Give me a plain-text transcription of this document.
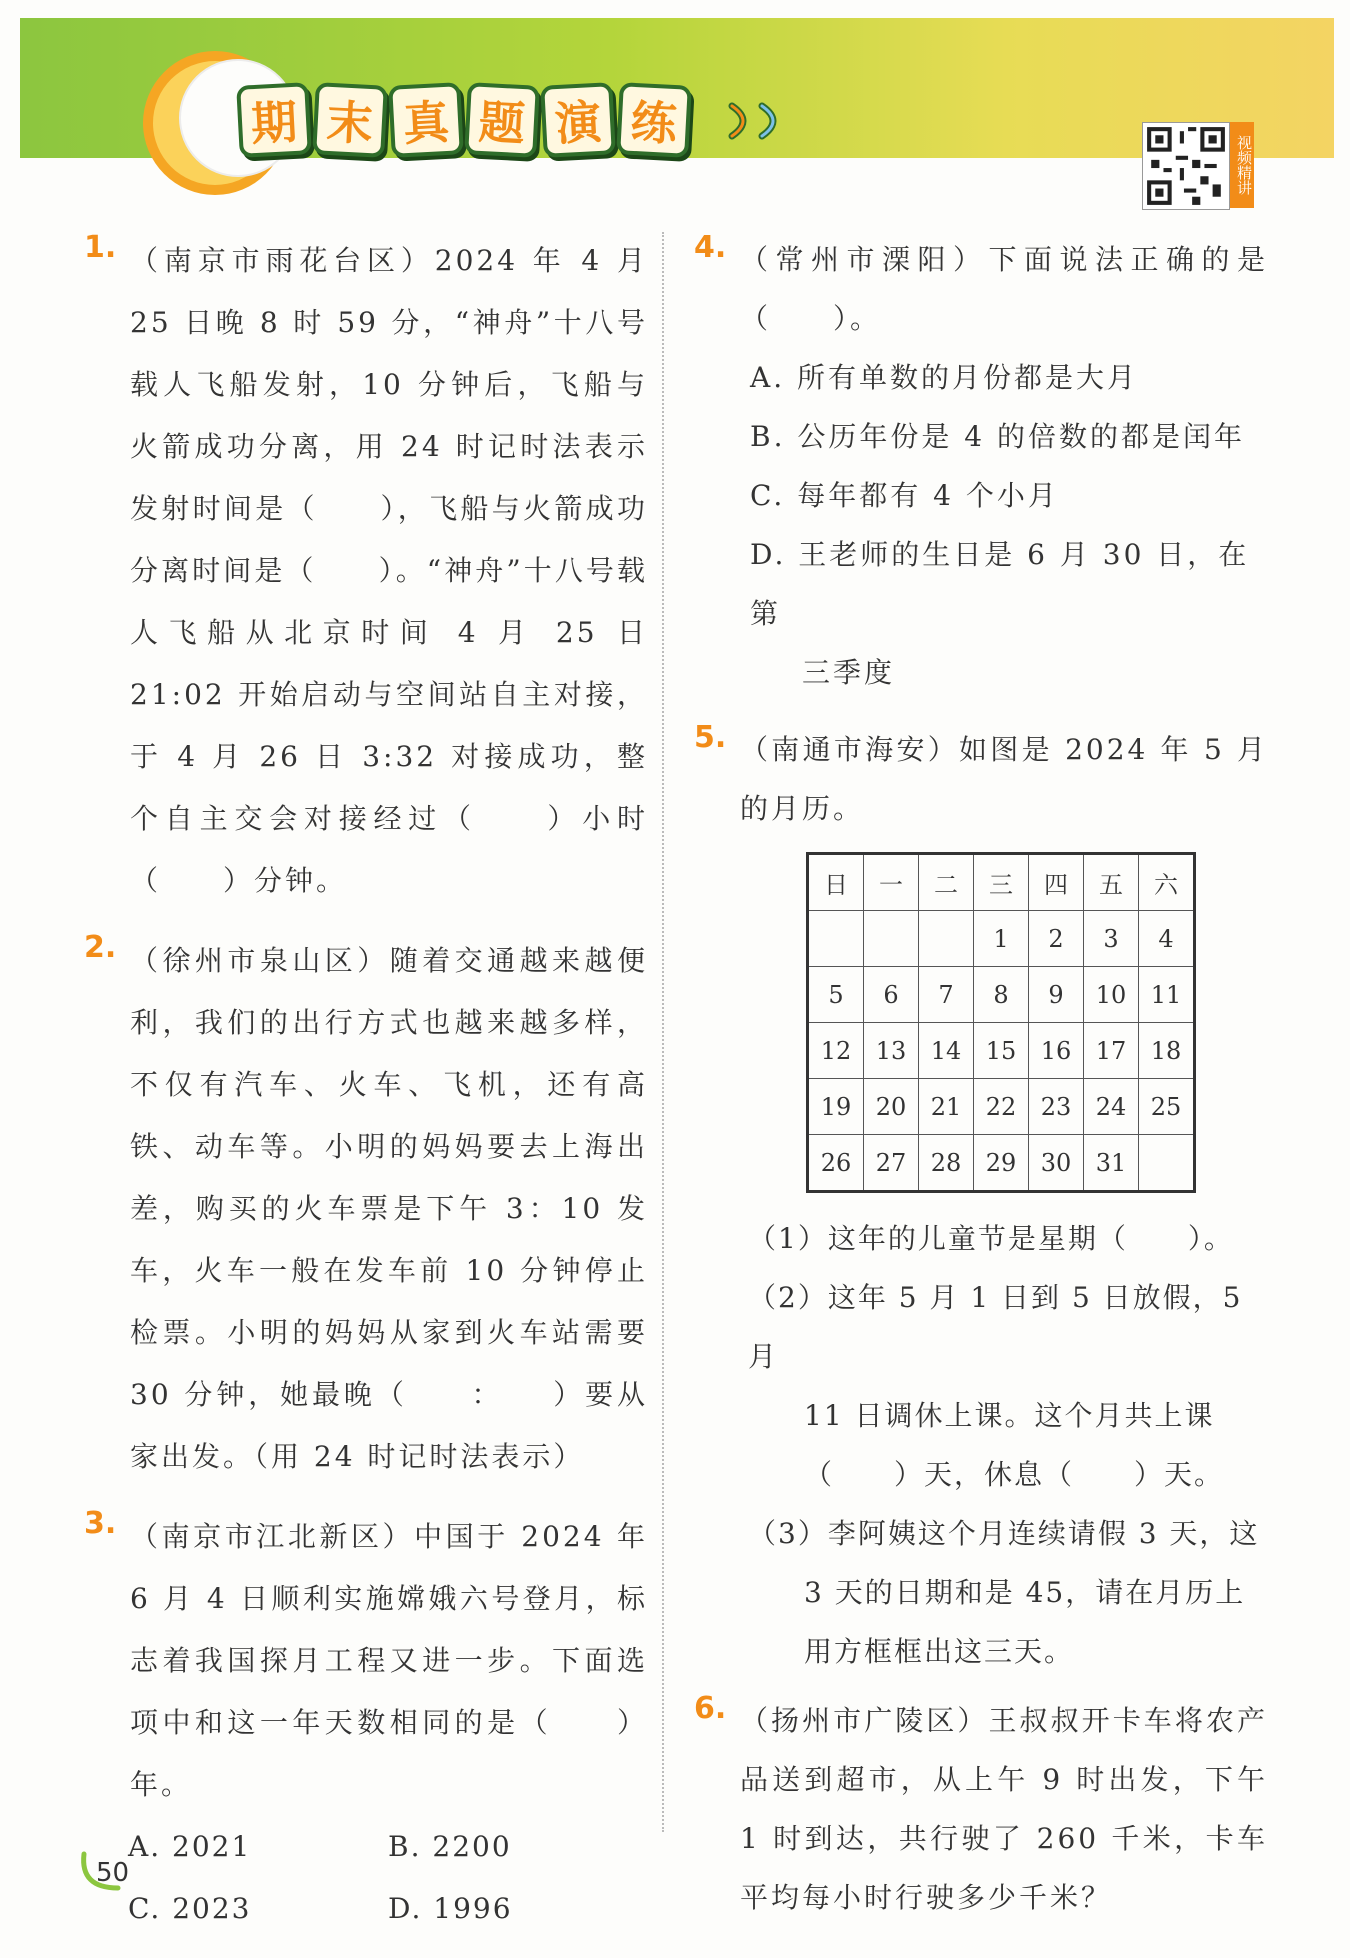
期 末 真 题 演 练
视频精讲
1. （南京市雨花台区）2024 年 4 月 25 日晚 8 时 59 分，“神舟”十八号载人飞船发射，10 分钟后，飞船与火箭成功分离，用 24 时记时法表示发射时间是（　　），飞船与火箭成功分离时间是（　　）。“神舟”十八号载人飞船从北京时间 4 月 25 日 21:02 开始启动与空间站自主对接，于 4 月 26 日 3:32 对接成功，整个自主交会对接经过（　　）小时（　　）分钟。
2. （徐州市泉山区）随着交通越来越便利，我们的出行方式也越来越多样，不仅有汽车、火车、飞机，还有高铁、动车等。小明的妈妈要去上海出差，购买的火车票是下午 3：10 发车，火车一般在发车前 10 分钟停止检票。小明的妈妈从家到火车站需要 30 分钟，她最晚（　　：　　）要从家出发。（用 24 时记时法表示）
3. （南京市江北新区）中国于 2024 年 6 月 4 日顺利实施嫦娥六号登月，标志着我国探月工程又进一步。下面选项中和这一年天数相同的是（　　）年。
A. 2021	B. 2200
C. 2023	D. 1996
4. （常州市溧阳）下面说法正确的是（　　）。
A. 所有单数的月份都是大月
B. 公历年份是 4 的倍数的都是闰年
C. 每年都有 4 个小月
D. 王老师的生日是 6 月 30 日，在第
三季度
5. （南通市海安）如图是 2024 年 5 月的月历。
日	一	二	三	四	五	六
			1	2	3	4
5	6	7	8	9	10	11
12	13	14	15	16	17	18
19	20	21	22	23	24	25
26	27	28	29	30	31	
（1）这年的儿童节是星期（　　）。
（2）这年 5 月 1 日到 5 日放假，5 月
11 日调休上课。这个月共上课
（　　）天，休息（　　）天。
（3）李阿姨这个月连续请假 3 天，这
3 天的日期和是 45，请在月历上
用方框框出这三天。
6. （扬州市广陵区）王叔叔开卡车将农产品送到超市，从上午 9 时出发，下午 1 时到达，共行驶了 260 千米，卡车平均每小时行驶多少千米？
50
